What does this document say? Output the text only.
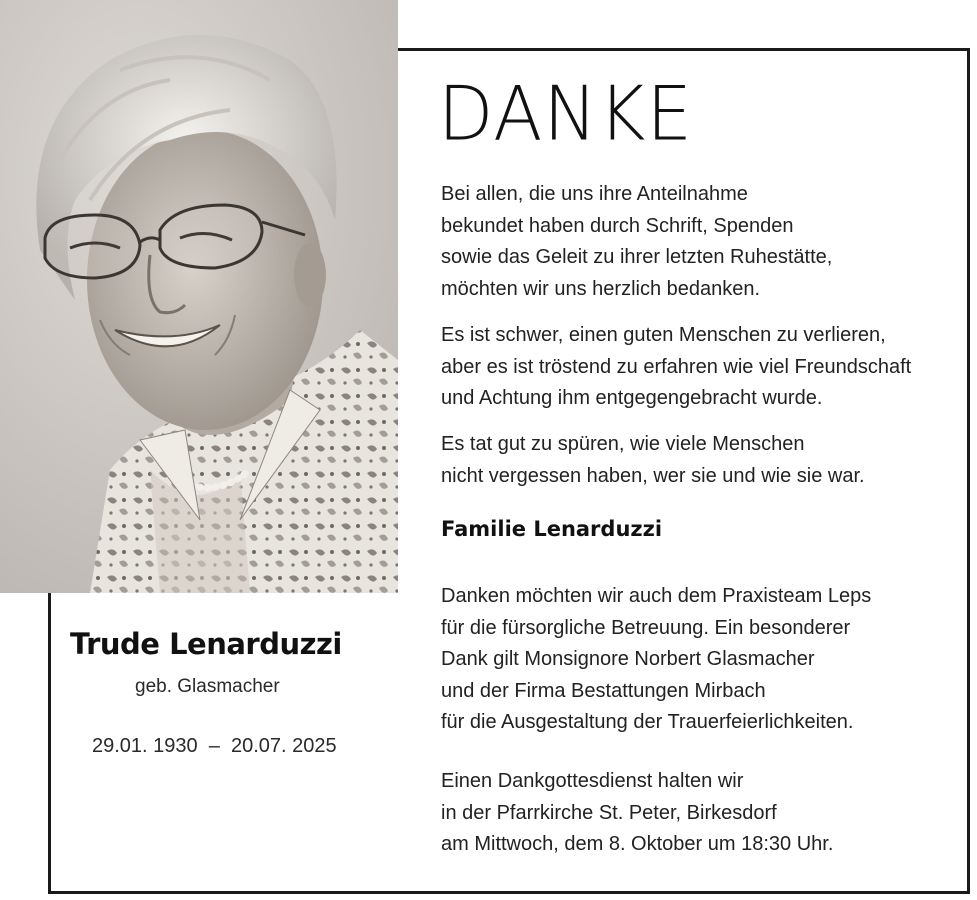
Trude Lenarduzzi
geb. Glasmacher
29.01. 1930  –  20.07. 2025
DANKE

Bei allen, die uns ihre Anteilnahme
bekundet haben durch Schrift, Spenden
sowie das Geleit zu ihrer letzten Ruhestätte,
möchten wir uns herzlich bedanken.

Es ist schwer, einen guten Menschen zu verlieren,
aber es ist tröstend zu erfahren wie viel Freundschaft
und Achtung ihm entgegengebracht wurde.

Es tat gut zu spüren, wie viele Menschen
nicht vergessen haben, wer sie und wie sie war.

Familie Lenarduzzi

Danken möchten wir auch dem Praxisteam Leps
für die fürsorgliche Betreuung. Ein besonderer
Dank gilt Monsignore Norbert Glasmacher
und der Firma Bestattungen Mirbach
für die Ausgestaltung der Trauerfeierlichkeiten.

Einen Dankgottesdienst halten wir
in der Pfarrkirche St. Peter, Birkesdorf
am Mittwoch, dem 8. Oktober um 18:30 Uhr.
